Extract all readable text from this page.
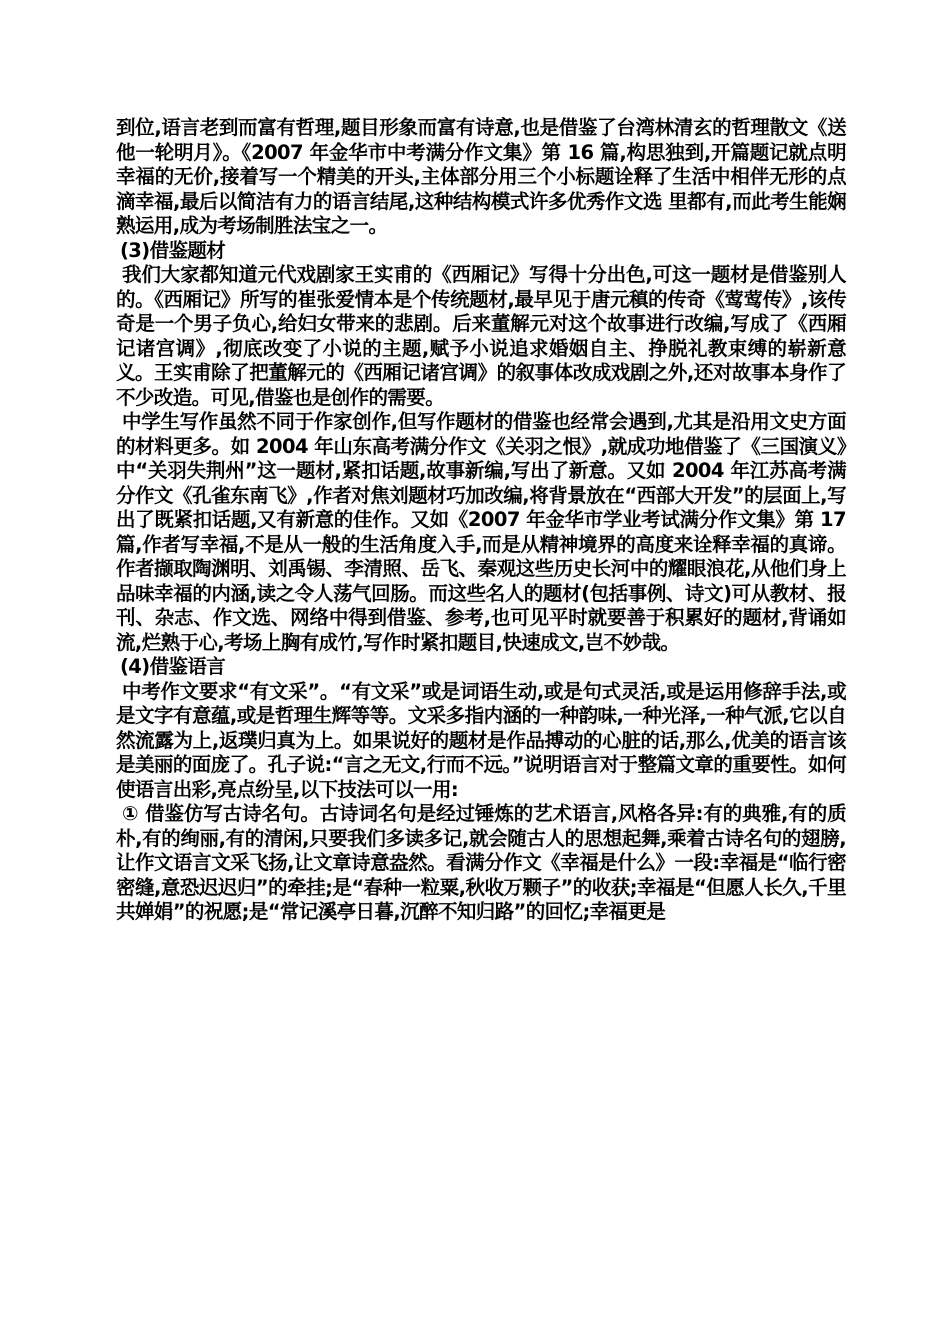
到位,语言老到而富有哲理,题目形象而富有诗意,也是借鉴了台湾林清玄的哲理散文《送他一轮明月》。《2007 年金华市中考满分作文集》第 16 篇,构思独到,开篇题记就点明幸福的无价,接着写一个精美的开头,主体部分用三个小标题诠释了生活中相伴无形的点滴幸福,最后以简洁有力的语言结尾,这种结构模式许多优秀作文选 里都有,而此考生能娴熟运用,成为考场制胜法宝之一。

(3)借鉴题材

我们大家都知道元代戏剧家王实甫的《西厢记》写得十分出色,可这一题材是借鉴别人的。《西厢记》所写的崔张爱情本是个传统题材,最早见于唐元稹的传奇《莺莺传》,该传奇是一个男子负心,给妇女带来的悲剧。后来董解元对这个故事进行改编,写成了《西厢记诸宫调》,彻底改变了小说的主题,赋予小说追求婚姻自主、挣脱礼教束缚的崭新意义。王实甫除了把董解元的《西厢记诸宫调》的叙事体改成戏剧之外,还对故事本身作了不少改造。可见,借鉴也是创作的需要。

中学生写作虽然不同于作家创作,但写作题材的借鉴也经常会遇到,尤其是沿用文史方面的材料更多。如 2004 年山东高考满分作文《关羽之恨》,就成功地借鉴了《三国演义》中“关羽失荆州”这一题材,紧扣话题,故事新编,写出了新意。又如 2004 年江苏高考满分作文《孔雀东南飞》,作者对焦刘题材巧加改编,将背景放在“西部大开发”的层面上,写出了既紧扣话题,又有新意的佳作。又如《2007 年金华市学业考试满分作文集》第 17 篇,作者写幸福,不是从一般的生活角度入手,而是从精神境界的高度来诠释幸福的真谛。作者撷取陶渊明、刘禹锡、李清照、岳飞、秦观这些历史长河中的耀眼浪花,从他们身上品味幸福的内涵,读之令人荡气回肠。而这些名人的题材(包括事例、诗文)可从教材、报刊、杂志、作文选、网络中得到借鉴、参考,也可见平时就要善于积累好的题材,背诵如流,烂熟于心,考场上胸有成竹,写作时紧扣题目,快速成文,岂不妙哉。

(4)借鉴语言

中考作文要求“有文采”。“有文采”或是词语生动,或是句式灵活,或是运用修辞手法,或是文字有意蕴,或是哲理生辉等等。文采多指内涵的一种韵味,一种光泽,一种气派,它以自然流露为上,返璞归真为上。如果说好的题材是作品搏动的心脏的话,那么,优美的语言该是美丽的面庞了。孔子说:“言之无文,行而不远。”说明语言对于整篇文章的重要性。如何使语言出彩,亮点纷呈,以下技法可以一用:

① 借鉴仿写古诗名句。古诗词名句是经过锤炼的艺术语言,风格各异:有的典雅,有的质朴,有的绚丽,有的清闲,只要我们多读多记,就会随古人的思想起舞,乘着古诗名句的翅膀,让作文语言文采飞扬,让文章诗意盎然。看满分作文《幸福是什么》一段:幸福是“临行密密缝,意恐迟迟归”的牵挂;是“春种一粒粟,秋收万颗子”的收获;幸福是“但愿人长久,千里共婵娟”的祝愿;是“常记溪亭日暮,沉醉不知归路”的回忆;幸福更是
